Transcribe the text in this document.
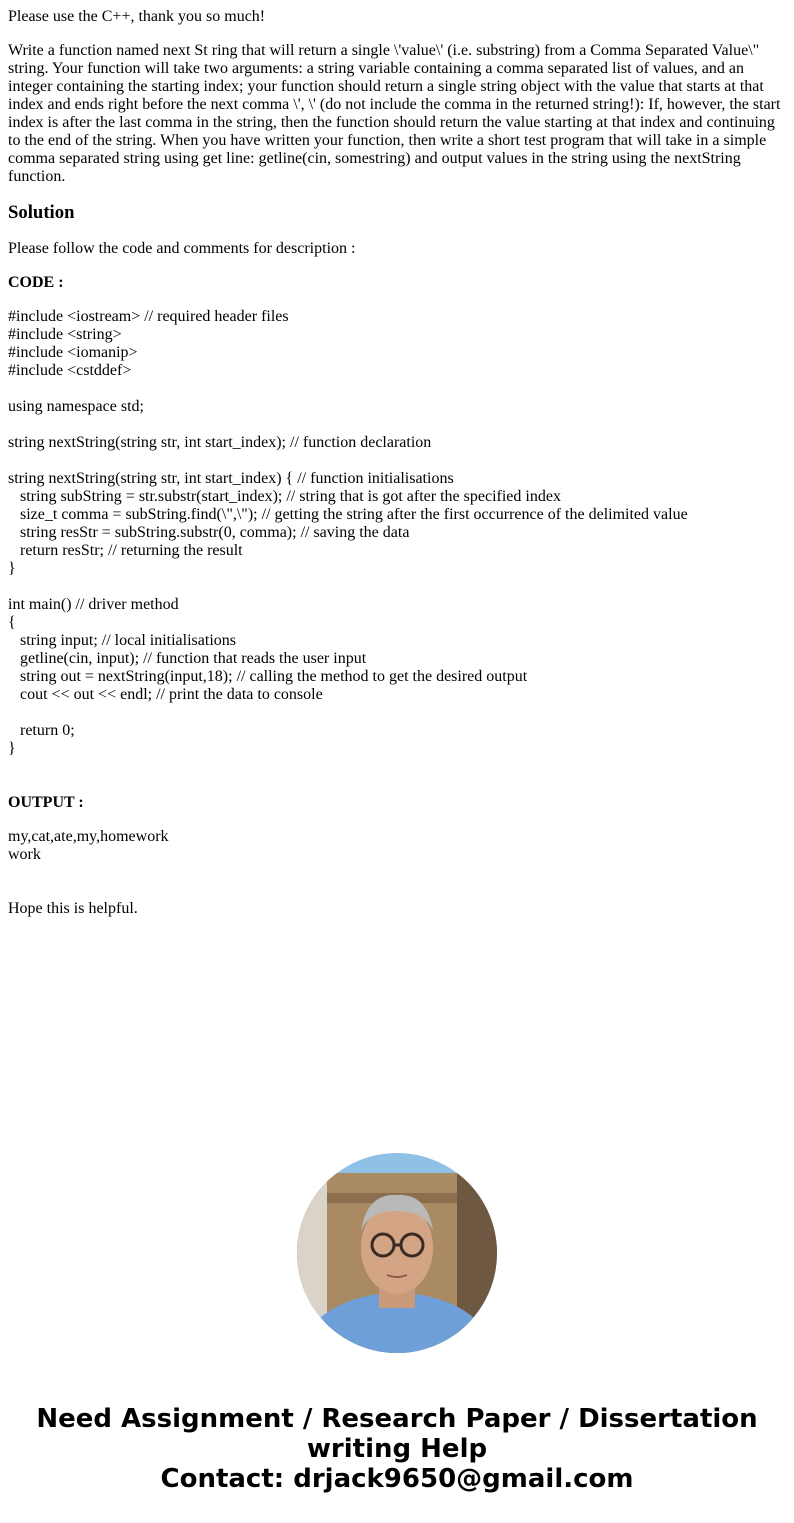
Please use the C++, thank you so much!

Write a function named next St ring that will return a single \'value\' (i.e. substring) from a Comma Separated Value\" string. Your function will take two arguments: a string variable containing a comma separated list of values, and an integer containing the starting index; your function should return a single string object with the value that starts at that index and ends right before the next comma \', \' (do not include the comma in the returned string!): If, however, the start index is after the last comma in the string, then the function should return the value starting at that index and continuing to the end of the string. When you have written your function, then write a short test program that will take in a simple comma separated string using get line: getline(cin, somestring) and output values in the string using the nextString function.

Solution

Please follow the code and comments for description :

CODE :

#include <iostream> // required header files
#include <string>
#include <iomanip>
#include <cstddef>
using namespace std;
string nextString(string str, int start_index); // function declaration
string nextString(string str, int start_index) { // function initialisations
string subString = str.substr(start_index); // string that is got after the specified index
size_t comma = subString.find(\",\"); // getting the string after the first occurrence of the delimited value
string resStr = subString.substr(0, comma); // saving the data
return resStr; // returning the result
}
int main() // driver method
{
string input; // local initialisations
getline(cin, input); // function that reads the user input
string out = nextString(input,18); // calling the method to get the desired output
cout << out << endl; // print the data to console
return 0;
}

OUTPUT :

my,cat,ate,my,homework
work

Hope this is helpful.

Need Assignment / Research Paper / Dissertation
writing Help
Contact: drjack9650@gmail.com
